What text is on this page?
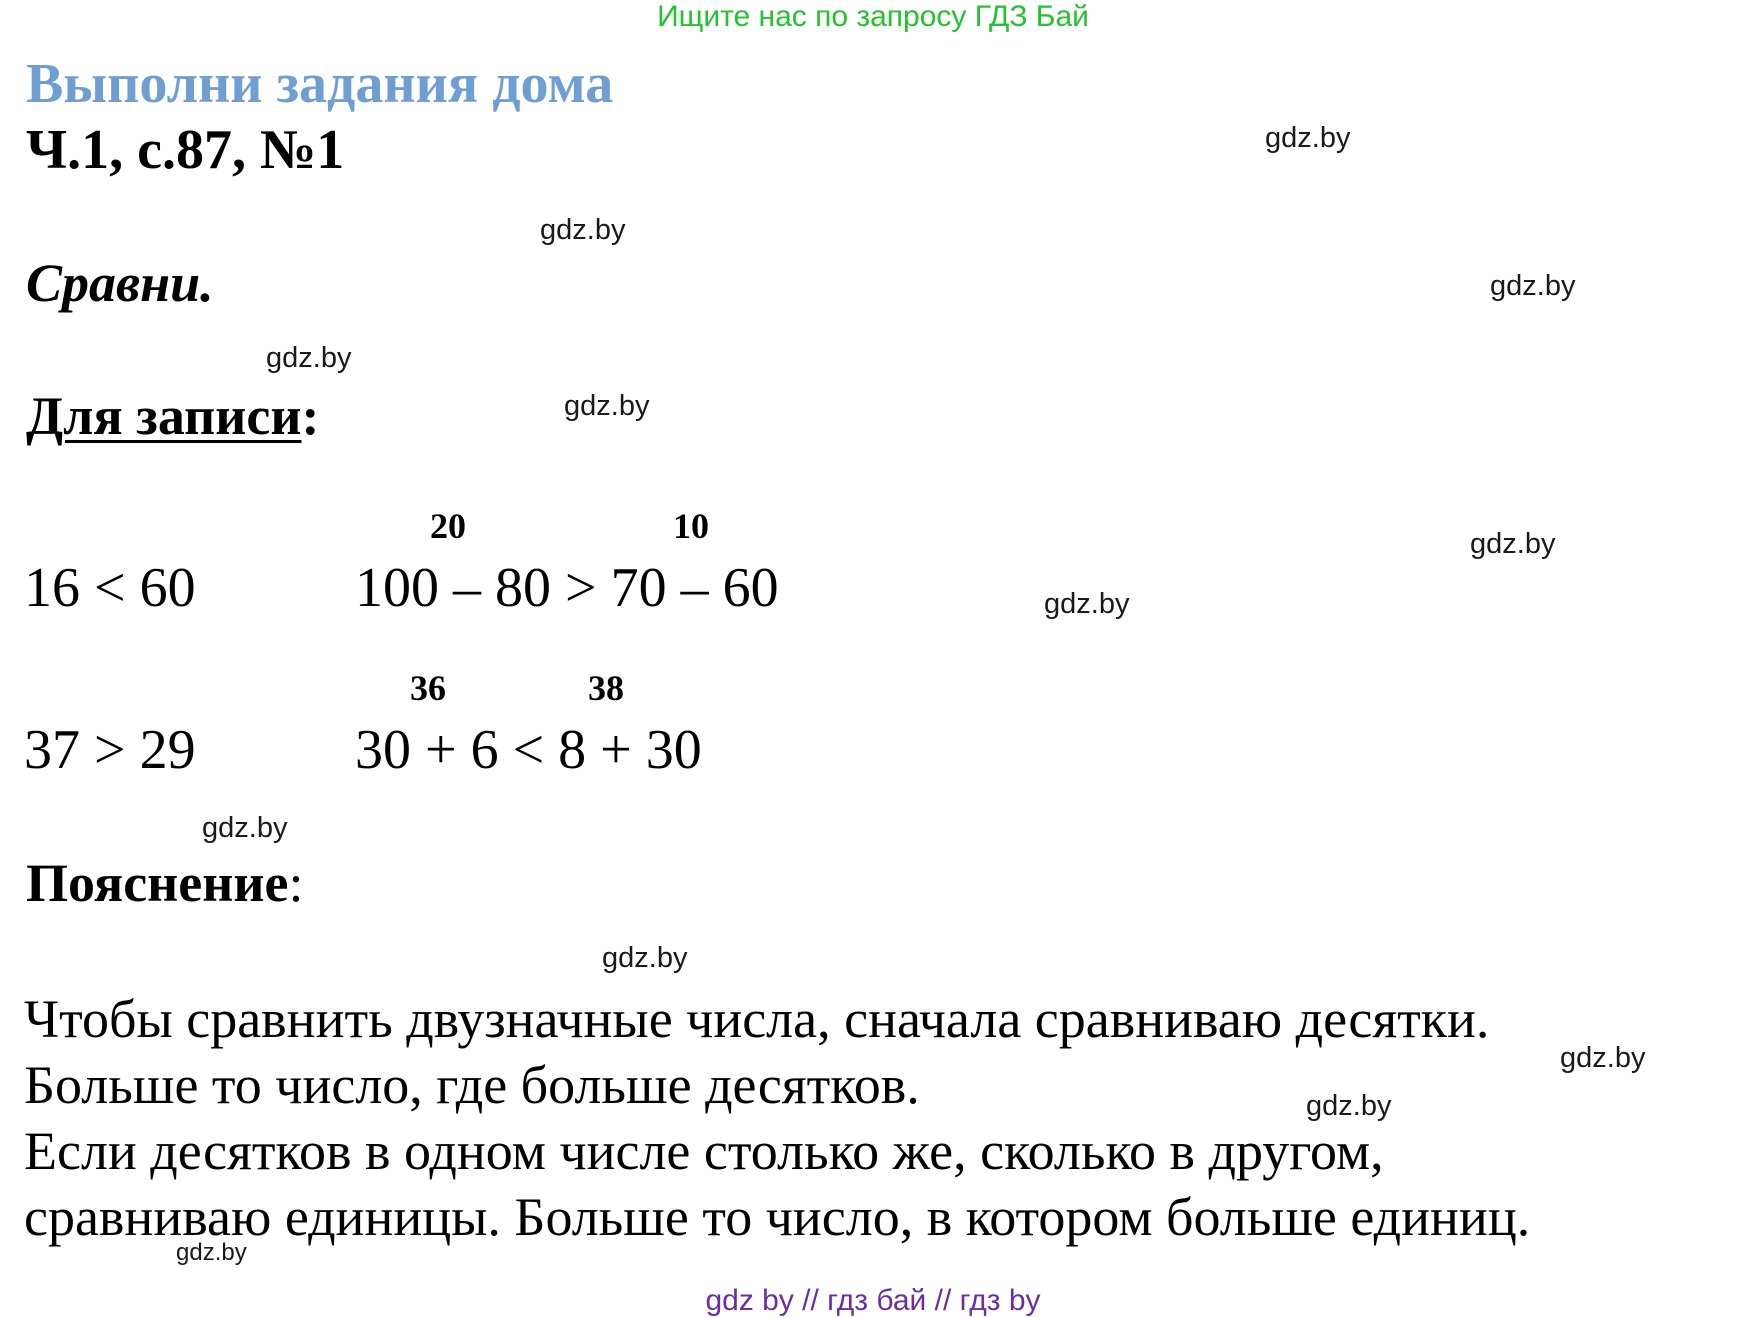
Ищите нас по запросу ГДЗ Бай
Выполни задания дома
Ч.1, с.87, №1
Сравни.
Для записи:
16 < 60
20	10
100 – 80 > 70 – 60
37 > 29
36	38
30 + 6 < 8 + 30
Пояснение:
Чтобы сравнить двузначные числа, сначала сравниваю десятки.
Больше то число, где больше десятков.
Если десятков в одном числе столько же, сколько в другом,
сравниваю единицы. Больше то число, в котором больше единиц.
gdz.by
gdz.by
gdz.by
gdz.by
gdz.by
gdz.by
gdz.by
gdz.by
gdz.by
gdz.by
gdz.by
gdz.by
gdz by // гдз бай // гдз by
